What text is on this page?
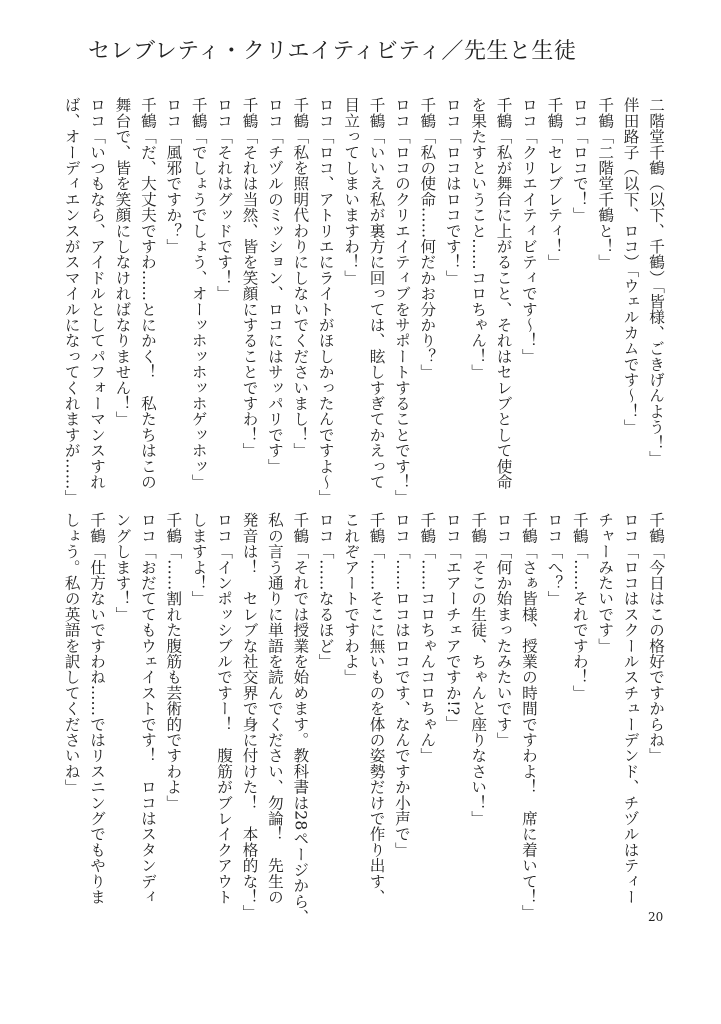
セレブレティ・クリエイティビティ／先生と生徒
二階堂千鶴（以下、千鶴）「皆様、ごきげんよう！」
伴田路子（以下、ロコ）「ウェルカムです～！」
千鶴「二階堂千鶴と！」
ロコ「ロコで！」
千鶴「セレブレティ！」
ロコ「クリエイティビティです～！」
千鶴「私が舞台に上がること、それはセレブとして使命
を果たすということ……コロちゃん！」
ロコ「ロコはロコです！」
千鶴「私の使命……何だかお分かり？」
ロコ「ロコのクリエイティブをサポートすることです！」
千鶴「いいえ私が裏方に回っては、眩しすぎてかえって
目立ってしまいますわ！」
ロコ「ロコ、アトリエにライトがほしかったんですよ～」
千鶴「私を照明代わりにしないでくださいまし！」
ロコ「チヅルのミッション、ロコにはサッパリです」
千鶴「それは当然、皆を笑顔にすることですわ！」
ロコ「それはグッドです！」
千鶴「でしょうでしょう、オーッホッホッホゲッホッ」
ロコ「風邪ですか？」
千鶴「だ、大丈夫ですわ……とにかく！　私たちはこの
舞台で、皆を笑顔にしなければなりません！」
ロコ「いつもなら、アイドルとしてパフォーマンスすれ
ば、オーディエンスがスマイルになってくれますが……」
千鶴「今日はこの格好ですからね」
ロコ「ロコはスクールスチューデンド、チヅルはティー
チャーみたいです」
千鶴「……それですわ！」
ロコ「へ？」
千鶴「さぁ皆様、授業の時間ですわよ！　席に着いて！」
ロコ「何か始まったみたいです」
千鶴「そこの生徒、ちゃんと座りなさい！」
ロコ「エアーチェアですか!?」
千鶴「……コロちゃんコロちゃん」
ロコ「……ロコはロコです、なんですか小声で」
千鶴「……そこに無いものを体の姿勢だけで作り出す、
これぞアートですわよ」
ロコ「……なるほど」
千鶴「それでは授業を始めます。教科書は28ページから、
私の言う通りに単語を読んでください、勿論！　先生の
発音は！　セレブな社交界で身に付けた！　本格的な！」
ロコ「インポッシブルですー！　腹筋がブレイクアウト
しますよ！」
千鶴「……割れた腹筋も芸術的ですわよ」
ロコ「おだててもウェイストです！　ロコはスタンディ
ングします！」
千鶴「仕方ないですわね……ではリスニングでもやりま
しょう。私の英語を訳してくださいね」
20
